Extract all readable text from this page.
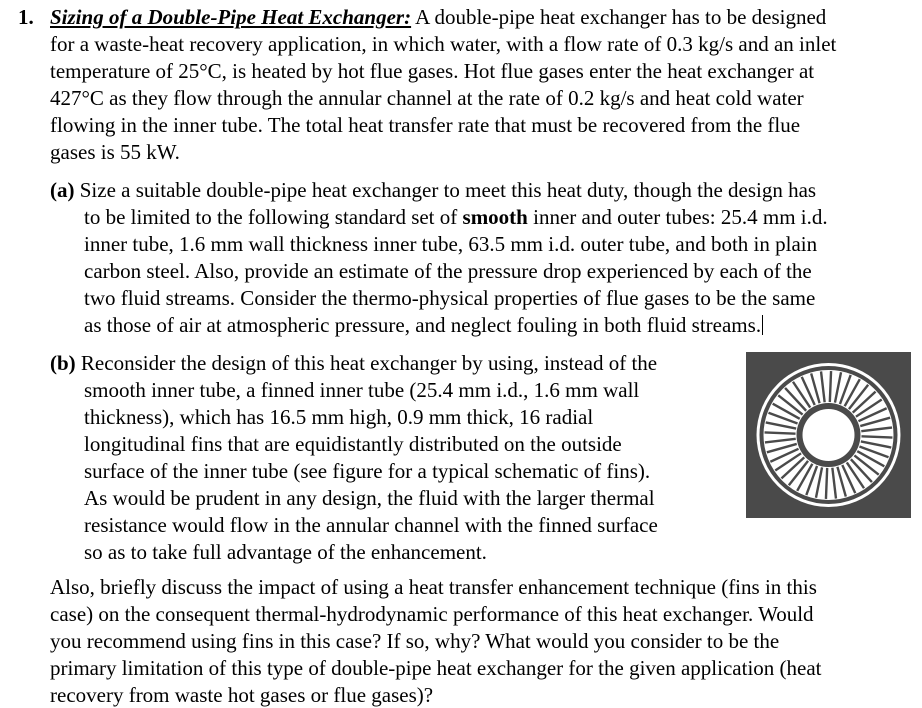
1. Sizing of a Double-Pipe Heat Exchanger: A double-pipe heat exchanger has to be designed
for a waste-heat recovery application, in which water, with a flow rate of 0.3 kg/s and an inlet
temperature of 25°C, is heated by hot flue gases. Hot flue gases enter the heat exchanger at
427°C as they flow through the annular channel at the rate of 0.2 kg/s and heat cold water
flowing in the inner tube. The total heat transfer rate that must be recovered from the flue
gases is 55 kW.
(a) Size a suitable double-pipe heat exchanger to meet this heat duty, though the design has
to be limited to the following standard set of smooth inner and outer tubes: 25.4 mm i.d.
inner tube, 1.6 mm wall thickness inner tube, 63.5 mm i.d. outer tube, and both in plain
carbon steel. Also, provide an estimate of the pressure drop experienced by each of the
two fluid streams. Consider the thermo-physical properties of flue gases to be the same
as those of air at atmospheric pressure, and neglect fouling in both fluid streams.
(b) Reconsider the design of this heat exchanger by using, instead of the
smooth inner tube, a finned inner tube (25.4 mm i.d., 1.6 mm wall
thickness), which has 16.5 mm high, 0.9 mm thick, 16 radial
longitudinal fins that are equidistantly distributed on the outside
surface of the inner tube (see figure for a typical schematic of fins).
As would be prudent in any design, the fluid with the larger thermal
resistance would flow in the annular channel with the finned surface
so as to take full advantage of the enhancement.
Also, briefly discuss the impact of using a heat transfer enhancement technique (fins in this
case) on the consequent thermal-hydrodynamic performance of this heat exchanger. Would
you recommend using fins in this case? If so, why? What would you consider to be the
primary limitation of this type of double-pipe heat exchanger for the given application (heat
recovery from waste hot gases or flue gases)?
